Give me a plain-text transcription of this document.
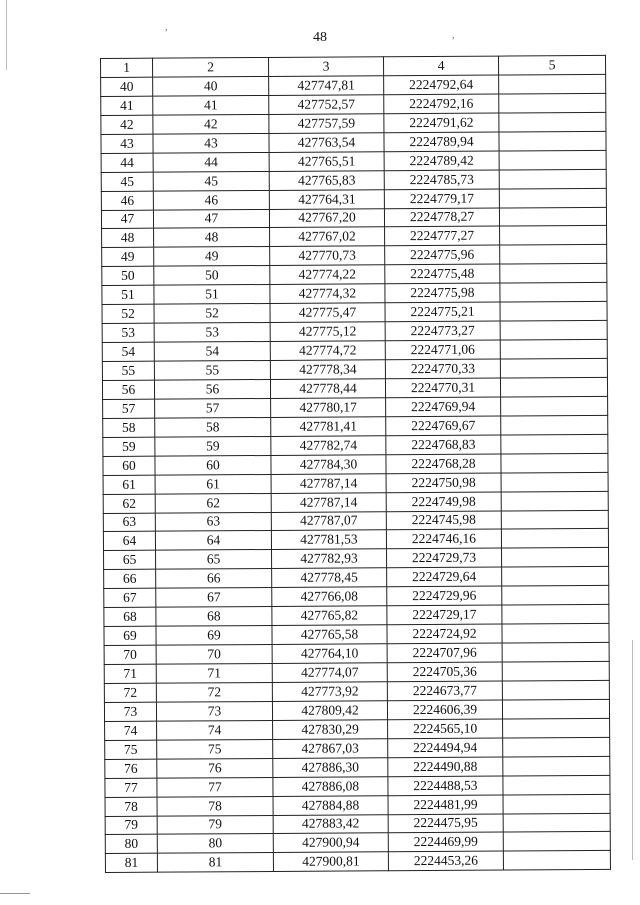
48
,
,
1	2	3	4	5
40	40	427747,81	2224792,64	
41	41	427752,57	2224792,16	
42	42	427757,59	2224791,62	
43	43	427763,54	2224789,94	
44	44	427765,51	2224789,42	
45	45	427765,83	2224785,73	
46	46	427764,31	2224779,17	
47	47	427767,20	2224778,27	
48	48	427767,02	2224777,27	
49	49	427770,73	2224775,96	
50	50	427774,22	2224775,48	
51	51	427774,32	2224775,98	
52	52	427775,47	2224775,21	
53	53	427775,12	2224773,27	
54	54	427774,72	2224771,06	
55	55	427778,34	2224770,33	
56	56	427778,44	2224770,31	
57	57	427780,17	2224769,94	
58	58	427781,41	2224769,67	
59	59	427782,74	2224768,83	
60	60	427784,30	2224768,28	
61	61	427787,14	2224750,98	
62	62	427787,14	2224749,98	
63	63	427787,07	2224745,98	
64	64	427781,53	2224746,16	
65	65	427782,93	2224729,73	
66	66	427778,45	2224729,64	
67	67	427766,08	2224729,96	
68	68	427765,82	2224729,17	
69	69	427765,58	2224724,92	
70	70	427764,10	2224707,96	
71	71	427774,07	2224705,36	
72	72	427773,92	2224673,77	
73	73	427809,42	2224606,39	
74	74	427830,29	2224565,10	
75	75	427867,03	2224494,94	
76	76	427886,30	2224490,88	
77	77	427886,08	2224488,53	
78	78	427884,88	2224481,99	
79	79	427883,42	2224475,95	
80	80	427900,94	2224469,99	
81	81	427900,81	2224453,26	
